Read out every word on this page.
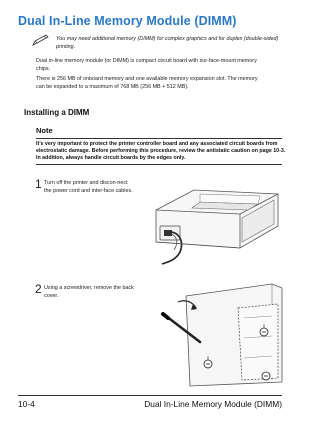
Dual In-Line Memory Module (DIMM)
You may need additional memory (DIMM) for complex graphics and for duplex (double-sided) printing.
Dual in-line memory module (or DIMM) is compact circuit board with sur-face-mount memory chips.
There is 256 MB of onboard memory and one available memory expansion slot. The memory can be expanded to a maximum of 768 MB (256 MB + 512 MB).
Installing a DIMM
Note
It’s very important to protect the printer controller board and any associated circuit boards from electrostatic damage. Before performing this procedure, review the antistatic caution on page 10-3. In addition, always handle circuit boards by the edges only.
1 Turn off the printer and discon-nect the power cord and inter-face cables.
2 Using a screwdriver, remove the back cover.
10-4	Dual In-Line Memory Module (DIMM)
